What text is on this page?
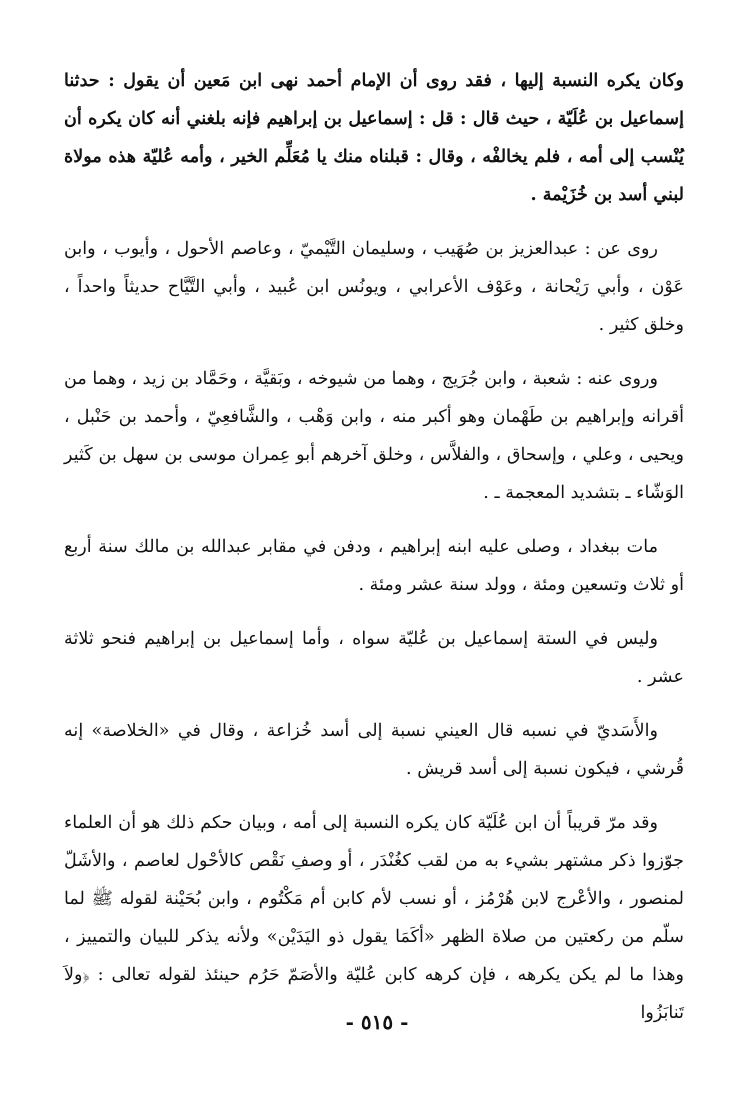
وكان يكره النسبة إليها ، فقد روى أن الإمام أحمد نهى ابن مَعين أن يقول : حدثنا إسماعيل بن عُلَيّة ، حيث قال : قل : إسماعيل بن إبراهيم فإنه بلغني أنه كان يكره أن يُنْسب إلى أمه ، فلم يخالفْه ، وقال : قبلناه منك يا مُعَلِّم الخير ، وأمه عُليّة هذه مولاة لبني أسد بن خُزَيْمة .

روى عن : عبدالعزيز بن صُهَيب ، وسليمان التَّيْميّ ، وعاصم الأحول ، وأيوب ، وابن عَوْن ، وأبي رَيْحانة ، وعَوْف الأعرابي ، ويونُس ابن عُبيد ، وأبي التَّيَّاح حديثاً واحداً ، وخلق كثير .

وروى عنه : شعبة ، وابن جُرَيج ، وهما من شيوخه ، وبَقيَّة ، وحَمَّاد بن زيد ، وهما من أقرانه وإبراهيم بن طَهْمان وهو أكبر منه ، وابن وَهْب ، والشَّافعِيّ ، وأحمد بن حَنْبل ، ويحيى ، وعلي ، وإسحاق ، والفلاَّس ، وخلق آخرهم أبو عِمران موسى بن سهل بن كَثير الوَشّاء ـ بتشديد المعجمة ـ .

مات ببغداد ، وصلى عليه ابنه إبراهيم ، ودفن في مقابر عبدالله بن مالك سنة أربع أو ثلاث وتسعين ومئة ، وولد سنة عشر ومئة .

وليس في الستة إسماعيل بن عُليّة سواه ، وأما إسماعيل بن إبراهيم فنحو ثلاثة عشر .

والأَسَديّ في نسبه قال العيني نسبة إلى أسد خُزاعة ، وقال في «الخلاصة» إنه قُرشي ، فيكون نسبة إلى أسد قريش .

وقد مرّ قريباً أن ابن عُلَيّة كان يكره النسبة إلى أمه ، وبيان حكم ذلك هو أن العلماء جوّزوا ذكر مشتهر بشيء به من لقب كغُنْدَر ، أو وصفِ نَقْص كالأحْول لعاصم ، والأشَلّ لمنصور ، والأعْرج لابن هُرْمُز ، أو نسب لأم كابن أم مَكْتُوم ، وابن بُحَيْنة لقوله ﷺ لما سلّم من ركعتين من صلاة الظهر «أكَمَا يقول ذو اليَدَيْن» ولأنه يذكر للبيان والتمييز ، وهذا ما لم يكن يكرهه ، فإن كرهه كابن عُليّة والأصَمّ حَرُم حينئذ لقوله تعالى : ﴿ولاَ تَنابَزُوا

- ٥١٥ -
